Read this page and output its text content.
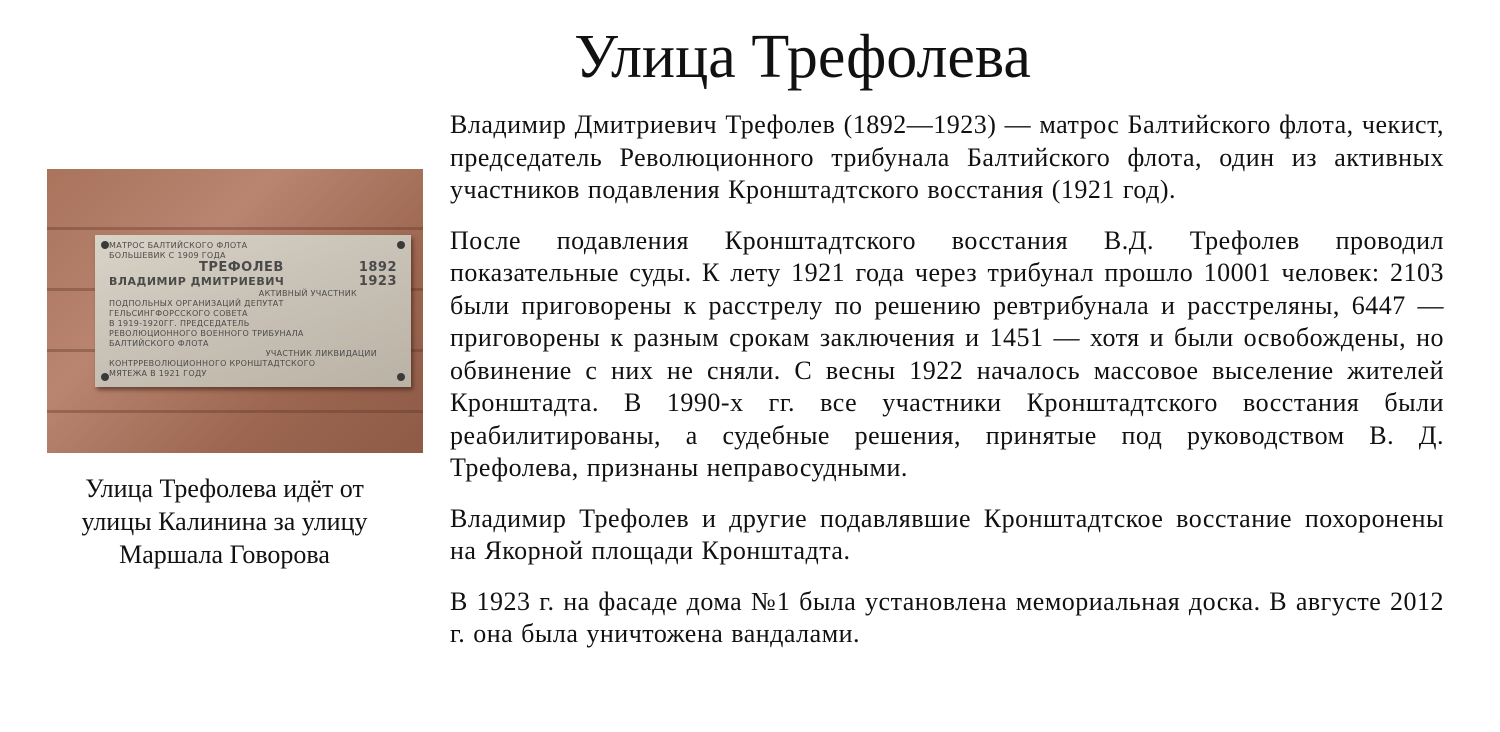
Улица Трефолева
МАТРОС БАЛТИЙСКОГО ФЛОТА
БОЛЬШЕВИК С 1909 ГОДА
ТРЕФОЛЕВ	1892
ВЛАДИМИР ДМИТРИЕВИЧ	1923
АКТИВНЫЙ УЧАСТНИК
ПОДПОЛЬНЫХ ОРГАНИЗАЦИЙ ДЕПУТАТ
ГЕЛЬСИНГФОРССКОГО СОВЕТА
В 1919-1920ГГ. ПРЕДСЕДАТЕЛЬ
РЕВОЛЮЦИОННОГО ВОЕННОГО ТРИБУНАЛА
БАЛТИЙСКОГО ФЛОТА
УЧАСТНИК ЛИКВИДАЦИИ
КОНТРРЕВОЛЮЦИОННОГО КРОНШТАДТСКОГО
МЯТЕЖА В 1921 ГОДУ

Улица Трефолева идёт от улицы Калинина за улицу Маршала Говорова

Владимир Дмитриевич Трефолев (1892—1923) — матрос Балтийского флота, чекист, председатель Революционного трибунала Балтийского флота, один из активных участников подавления Кронштадтского восстания (1921 год).

После подавления Кронштадтского восстания В.Д. Трефолев проводил показательные суды. К лету 1921 года через трибунал прошло 10001 человек: 2103 были приговорены к расстрелу по решению ревтрибунала и расстреляны, 6447 — приговорены к разным срокам заключения и 1451 — хотя и были освобождены, но обвинение с них не сняли. С весны 1922 началось массовое выселение жителей Кронштадта. В 1990-х гг. все участники Кронштадтского восстания были реабилитированы, а судебные решения, принятые под руководством В. Д. Трефолева, признаны неправосудными.

Владимир Трефолев и другие подавлявшие Кронштадтское восстание похоронены на Якорной площади Кронштадта.

В 1923 г. на фасаде дома №1 была установлена мемориальная доска. В августе 2012 г. она была уничтожена вандалами.
